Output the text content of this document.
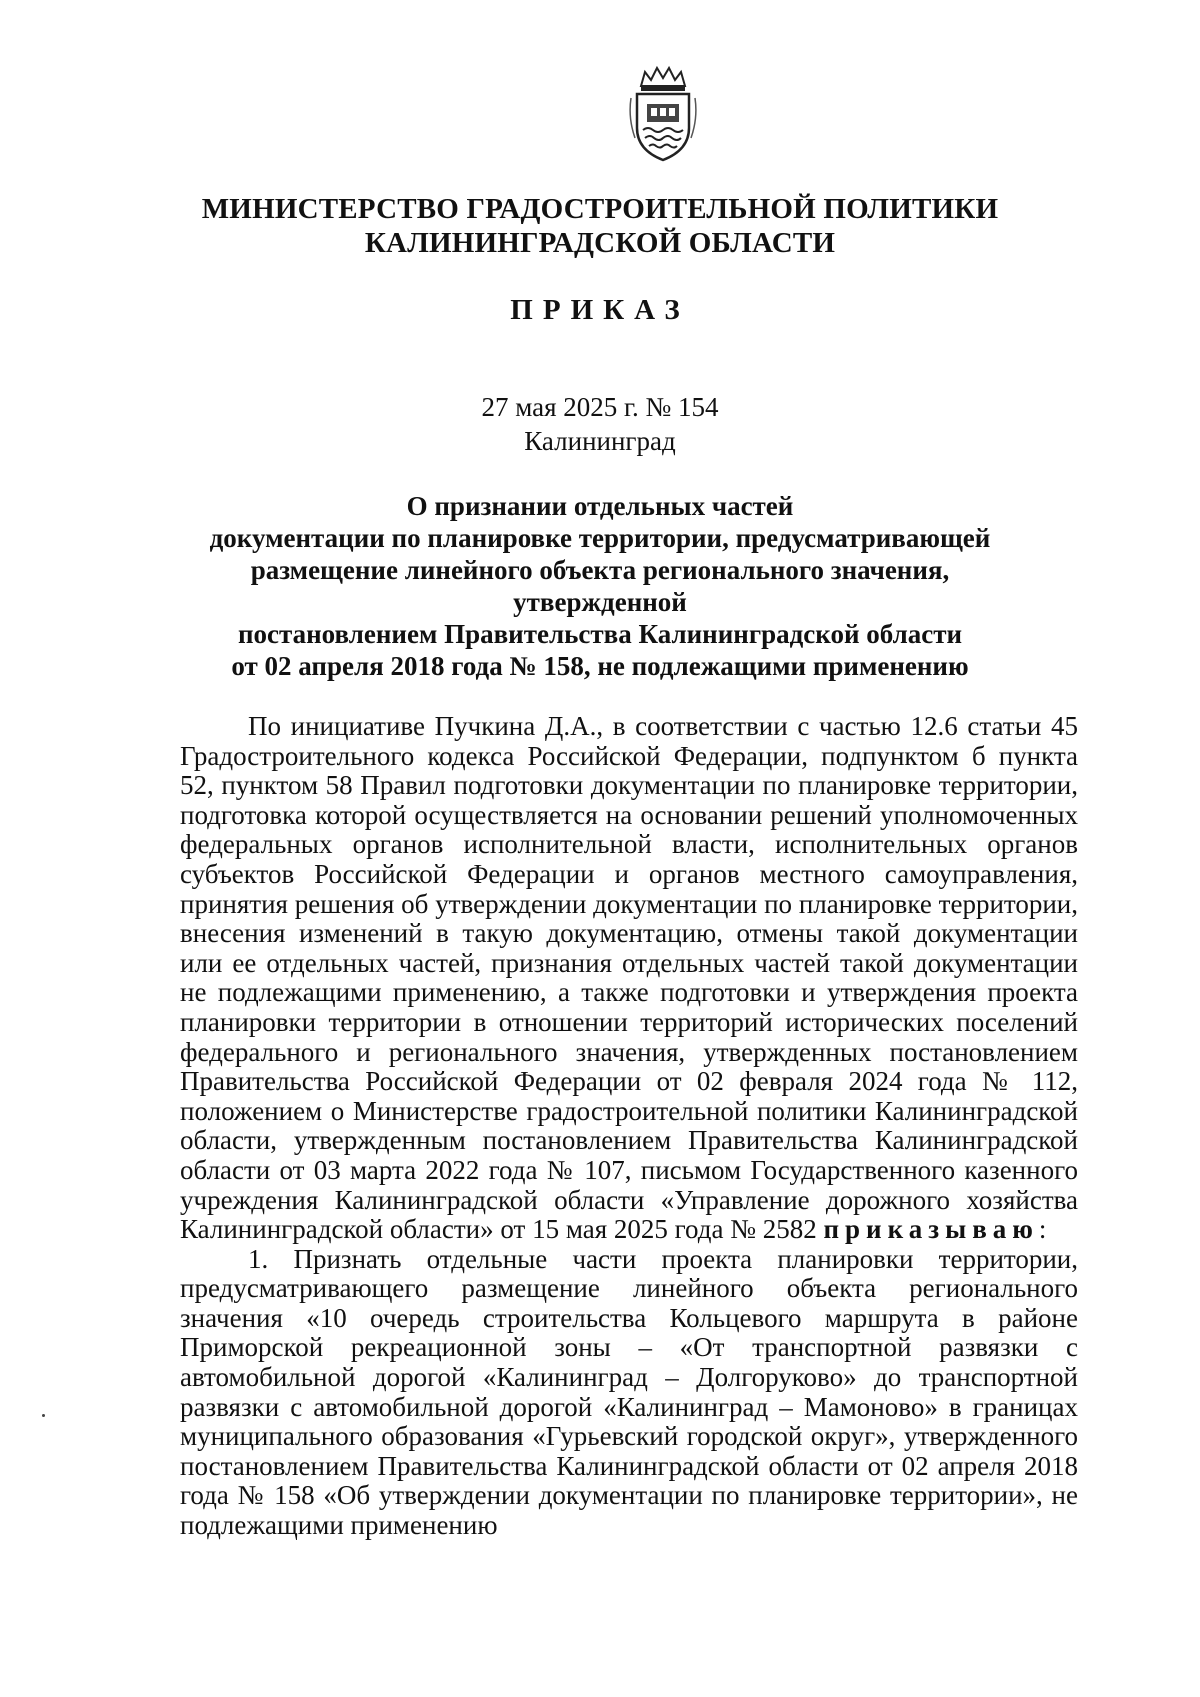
МИНИСТЕРСТВО ГРАДОСТРОИТЕЛЬНОЙ ПОЛИТИКИ
КАЛИНИНГРАДСКОЙ ОБЛАСТИ
ПРИКАЗ
27 мая 2025 г. № 154
Калининград
О признании отдельных частей
документации по планировке территории, предусматривающей
размещение линейного объекта регионального значения, утвержденной
постановлением Правительства Калининградской области
от 02 апреля 2018 года № 158, не подлежащими применению

По инициативе Пучкина Д.А., в соответствии с частью 12.6 статьи 45 Градостроительного кодекса Российской Федерации, подпунктом б пункта 52, пунктом 58 Правил подготовки документации по планировке территории, подготовка которой осуществляется на основании решений уполномоченных федеральных органов исполнительной власти, исполнительных органов субъектов Российской Федерации и органов местного самоуправления, принятия решения об утверждении документации по планировке территории, внесения изменений в такую документацию, отмены такой документации или ее отдельных частей, признания отдельных частей такой документации не подлежащими применению, а также подготовки и утверждения проекта планировки территории в отношении территорий исторических поселений федерального и регионального значения, утвержденных постановлением Правительства Российской Федерации от 02 февраля 2024 года № 112, положением о Министерстве градостроительной политики Калининградской области, утвержденным постановлением Правительства Калининградской области от 03 марта 2022 года № 107, письмом Государственного казенного учреждения Калининградской области «Управление дорожного хозяйства Калининградской области» от 15 мая 2025 года № 2582 приказываю:

1. Признать отдельные части проекта планировки территории, предусматривающего размещение линейного объекта регионального значения «10 очередь строительства Кольцевого маршрута в районе Приморской рекреационной зоны – «От транспортной развязки с автомобильной дорогой «Калининград – Долгоруково» до транспортной развязки с автомобильной дорогой «Калининград – Мамоново» в границах муниципального образования «Гурьевский городской округ», утвержденного постановлением Правительства Калининградской области от 02 апреля 2018 года № 158 «Об утверждении документации по планировке территории», не подлежащими применению
